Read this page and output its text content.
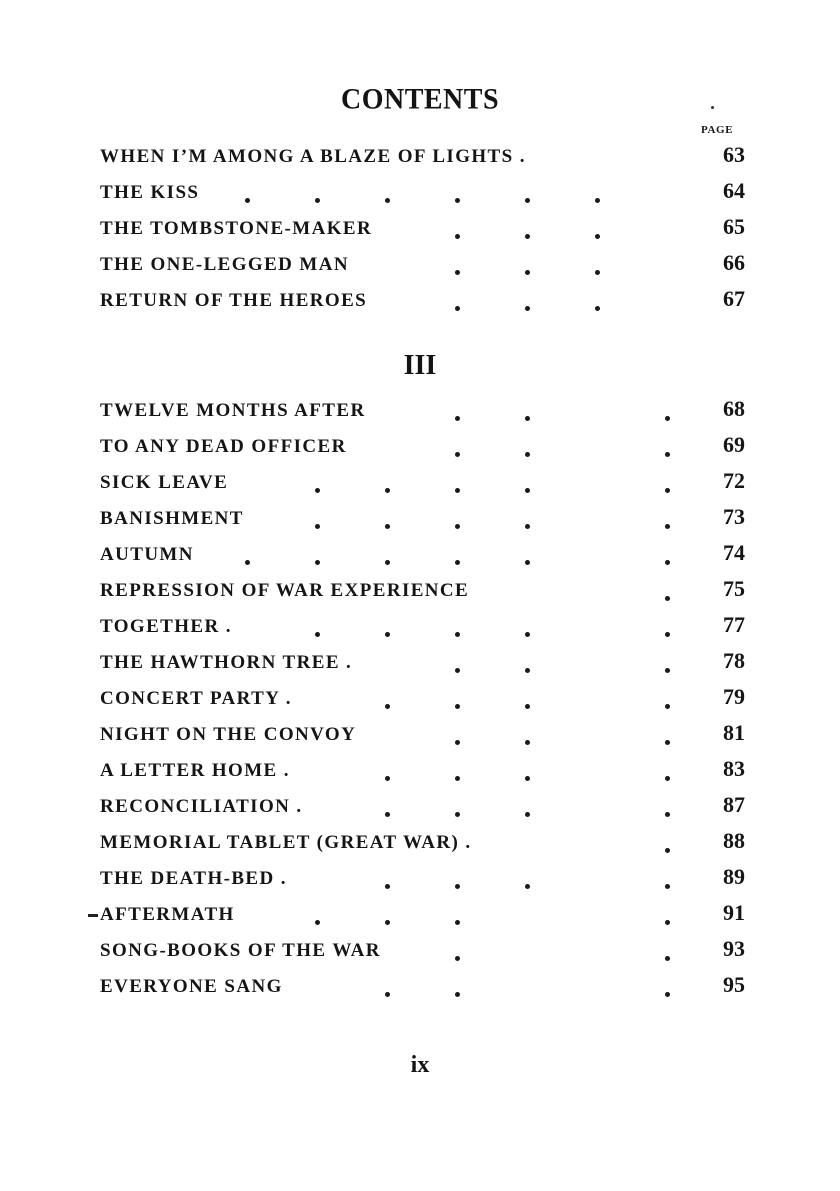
CONTENTS
PAGE
WHEN I’M AMONG A BLAZE OF LIGHTS .	63
THE KISS	64
THE TOMBSTONE-MAKER	65
THE ONE-LEGGED MAN	66
RETURN OF THE HEROES	67
III
TWELVE MONTHS AFTER	68
TO ANY DEAD OFFICER	69
SICK LEAVE	72
BANISHMENT	73
AUTUMN	74
REPRESSION OF WAR EXPERIENCE	75
TOGETHER .	77
THE HAWTHORN TREE .	78
CONCERT PARTY .	79
NIGHT ON THE CONVOY	81
A LETTER HOME .	83
RECONCILIATION .	87
MEMORIAL TABLET (GREAT WAR) .	88
THE DEATH-BED .	89
AFTERMATH	91
SONG-BOOKS OF THE WAR	93
EVERYONE SANG	95
ix
